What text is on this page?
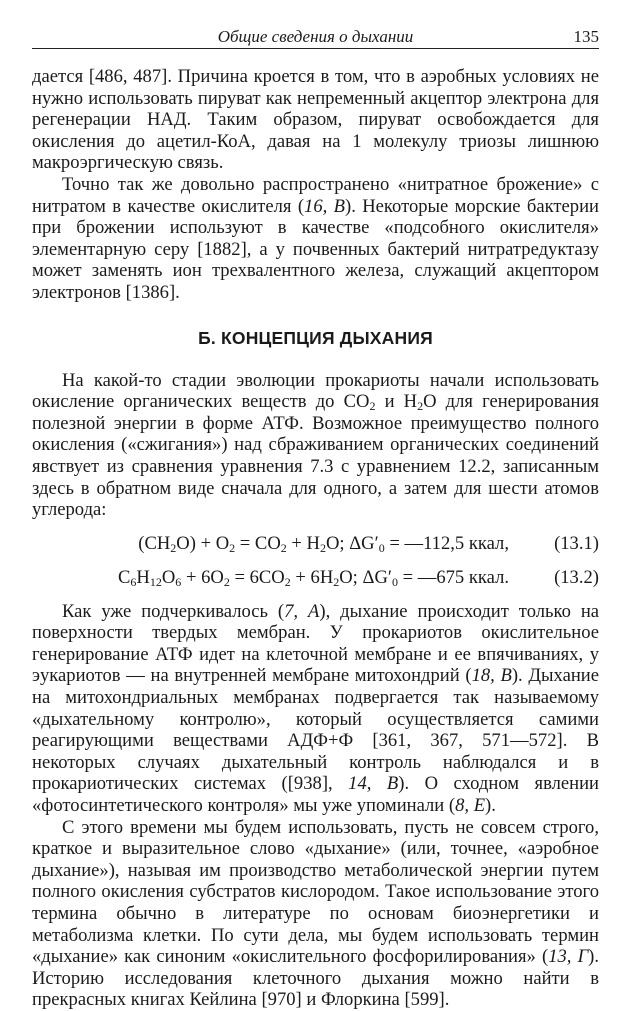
Общие сведения о дыхании	135

дается [486, 487]. Причина кроется в том, что в аэробных условиях не нужно использовать пируват как непременный акцептор электрона для регенерации НАД. Таким образом, пируват освобождается для окисления до ацетил-КоА, давая на 1 молекулу триозы лишнюю макроэргическую связь.

Точно так же довольно распространено «нитратное брожение» с нитратом в качестве окислителя (16, B). Некоторые морские бактерии при брожении используют в качестве «подсобного окислителя» элементарную серу [1882], а у почвенных бактерий нитратредуктазу может заменять ион трехвалентного железа, служащий акцептором электронов [1386].

Б. КОНЦЕПЦИЯ ДЫХАНИЯ

На какой-то стадии эволюции прокариоты начали использовать окисление органических веществ до $CO_2$ и $H_2O$ для генерирования полезной энергии в форме АТФ. Возможное преимущество полного окисления («сжигания») над сбраживанием органических соединений явствует из сравнения уравнения 7.3 с уравнением 12.2, записанным здесь в обратном виде сначала для одного, а затем для шести атомов углерода:

$(CH_2O) + O_2 = CO_2 + H_2O$; $\Delta G'_0$ = —112,5 ккал, (13.1)
$C_6H_{12}O_6 + 6O_2 = 6CO_2 + 6H_2O$; $\Delta G'_0$ = —675 ккал. (13.2)

Как уже подчеркивалось (7, A), дыхание происходит только на поверхности твердых мембран. У прокариотов окислительное генерирование АТФ идет на клеточной мембране и ее впячиваниях, у эукариотов — на внутренней мембране митохондрий (18, B). Дыхание на митохондриальных мембранах подвергается так называемому «дыхательному контролю», который осуществляется самими реагирующими веществами АДФ+Ф [361, 367, 571—572]. В некоторых случаях дыхательный контроль наблюдался и в прокариотических системах ([938], 14, B). О сходном явлении «фотосинтетического контроля» мы уже упоминали (8, E).

С этого времени мы будем использовать, пусть не совсем строго, краткое и выразительное слово «дыхание» (или, точнее, «аэробное дыхание»), называя им производство метаболической энергии путем полного окисления субстратов кислородом. Такое использование этого термина обычно в литературе по основам биоэнергетики и метаболизма клетки. По сути дела, мы будем использовать термин «дыхание» как синоним «окислительного фосфорилирования» (13, Г). Историю исследования клеточного дыхания можно найти в прекрасных книгах Кейлина [970] и Флоркина [599].
